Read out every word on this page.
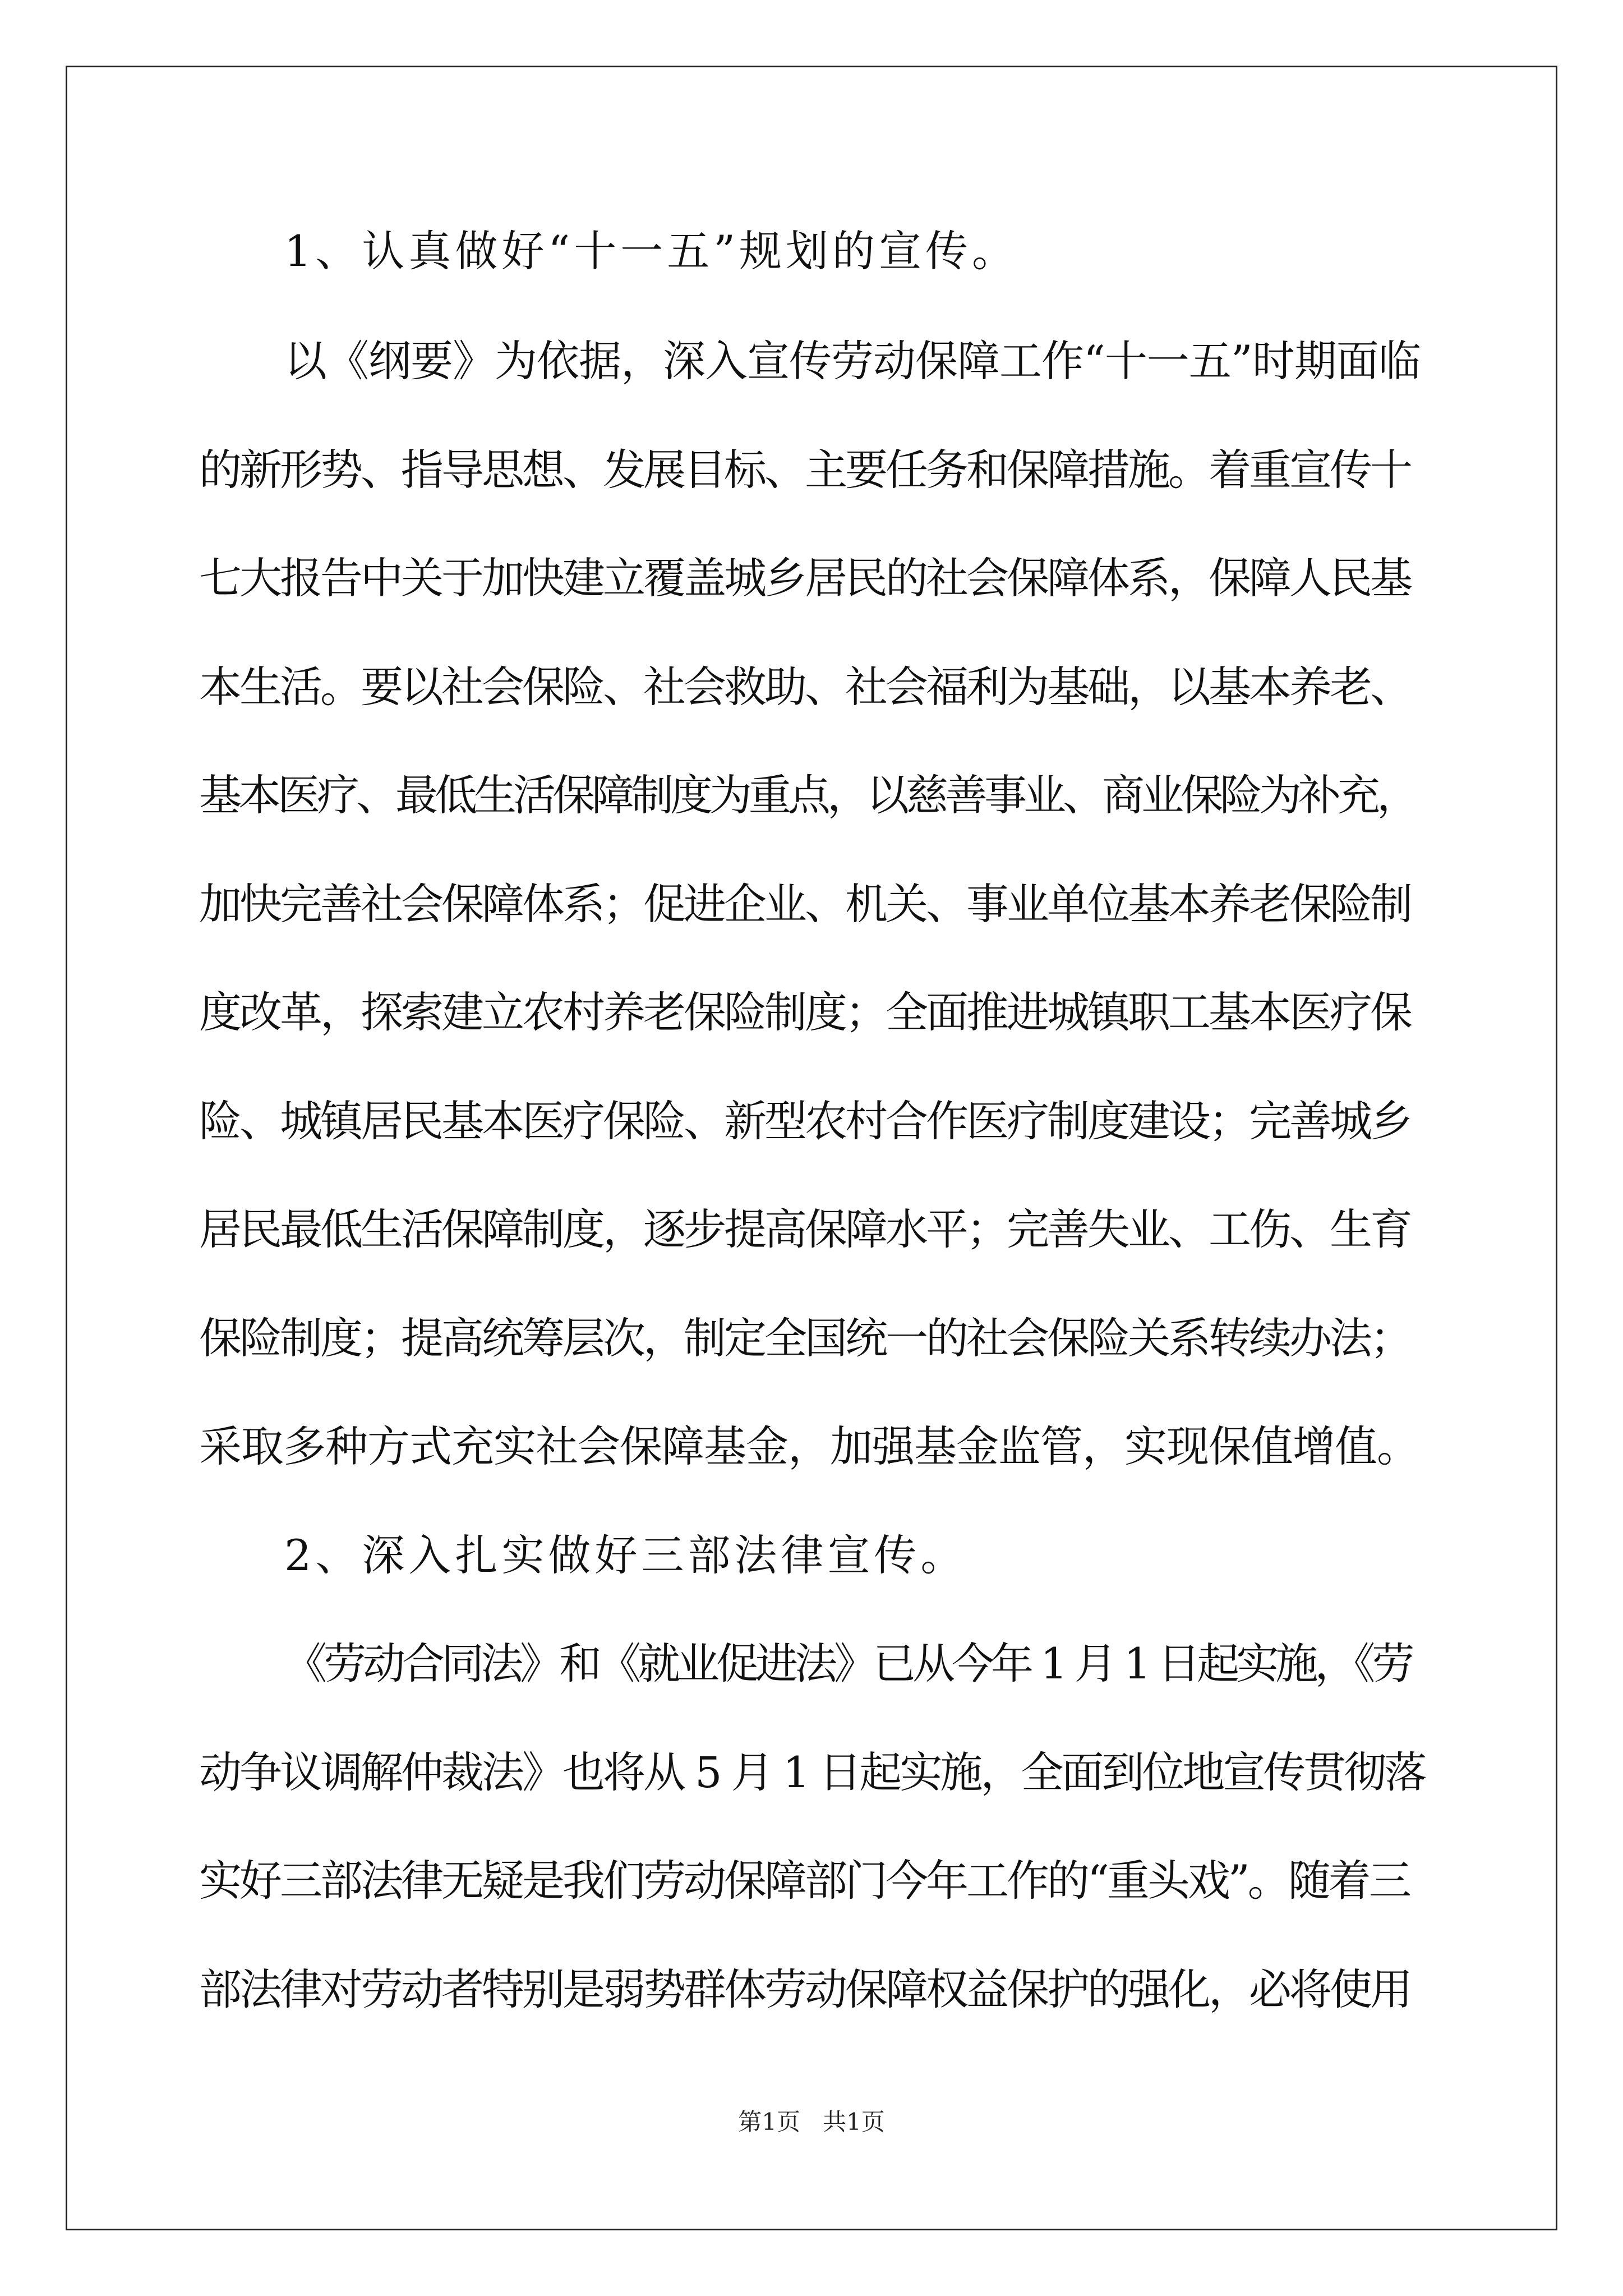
1、认真做好“十一五”规划的宣传。
以《纲要》为依据，深入宣传劳动保障工作“十一五”时期面临
的新形势、指导思想、发展目标、主要任务和保障措施。着重宣传十
七大报告中关于加快建立覆盖城乡居民的社会保障体系，保障人民基
本生活。要以社会保险、社会救助、社会福利为基础，以基本养老、
基本医疗、最低生活保障制度为重点，以慈善事业、商业保险为补充，
加快完善社会保障体系；促进企业、机关、事业单位基本养老保险制
度改革，探索建立农村养老保险制度；全面推进城镇职工基本医疗保
险、城镇居民基本医疗保险、新型农村合作医疗制度建设；完善城乡
居民最低生活保障制度，逐步提高保障水平；完善失业、工伤、生育
保险制度；提高统筹层次，制定全国统一的社会保险关系转续办法；
采取多种方式充实社会保障基金，加强基金监管，实现保值增值。
2、深入扎实做好三部法律宣传。
《劳动合同法》和《就业促进法》已从今年 1 月 1 日起实施，《劳
动争议调解仲裁法》也将从 5 月 1 日起实施，全面到位地宣传贯彻落
实好三部法律无疑是我们劳动保障部门今年工作的“重头戏”。随着三
部法律对劳动者特别是弱势群体劳动保障权益保护的强化，必将使用
第1页   共1页
